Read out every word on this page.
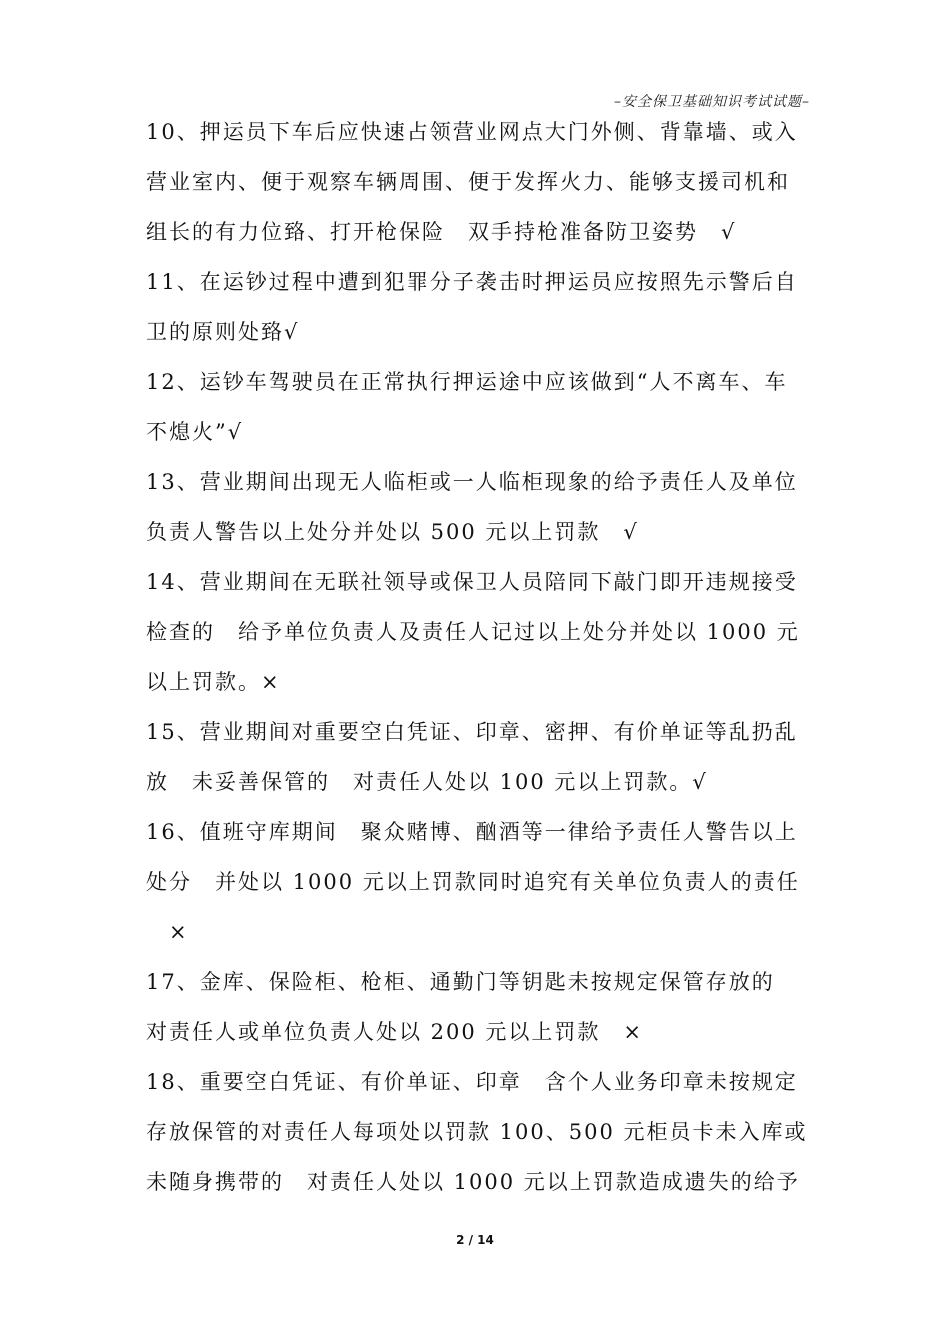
–安全保卫基础知识考试试题–
10、押运员下车后应快速占领营业网点大门外侧、背靠墙、或入
营业室内、便于观察车辆周围、便于发挥火力、能够支援司机和
组长的有力位臵、打开枪保险　双手持枪准备防卫姿势　√
11、在运钞过程中遭到犯罪分子袭击时押运员应按照先示警后自
卫的原则处臵√
12、运钞车驾驶员在正常执行押运途中应该做到“人不离车、车
不熄火”√
13、营业期间出现无人临柜或一人临柜现象的给予责任人及单位
负责人警告以上处分并处以 500 元以上罚款　√
14、营业期间在无联社领导或保卫人员陪同下敲门即开违规接受
检查的　给予单位负责人及责任人记过以上处分并处以 1000 元
以上罚款。×
15、营业期间对重要空白凭证、印章、密押、有价单证等乱扔乱
放　未妥善保管的　对责任人处以 100 元以上罚款。√
16、值班守库期间　聚众赌博、酗酒等一律给予责任人警告以上
处分　并处以 1000 元以上罚款同时追究有关单位负责人的责任
　×
17、金库、保险柜、枪柜、通勤门等钥匙未按规定保管存放的
对责任人或单位负责人处以 200 元以上罚款　×
18、重要空白凭证、有价单证、印章　含个人业务印章未按规定
存放保管的对责任人每项处以罚款 100、500 元柜员卡未入库或
未随身携带的　对责任人处以 1000 元以上罚款造成遗失的给予
2 / 14
